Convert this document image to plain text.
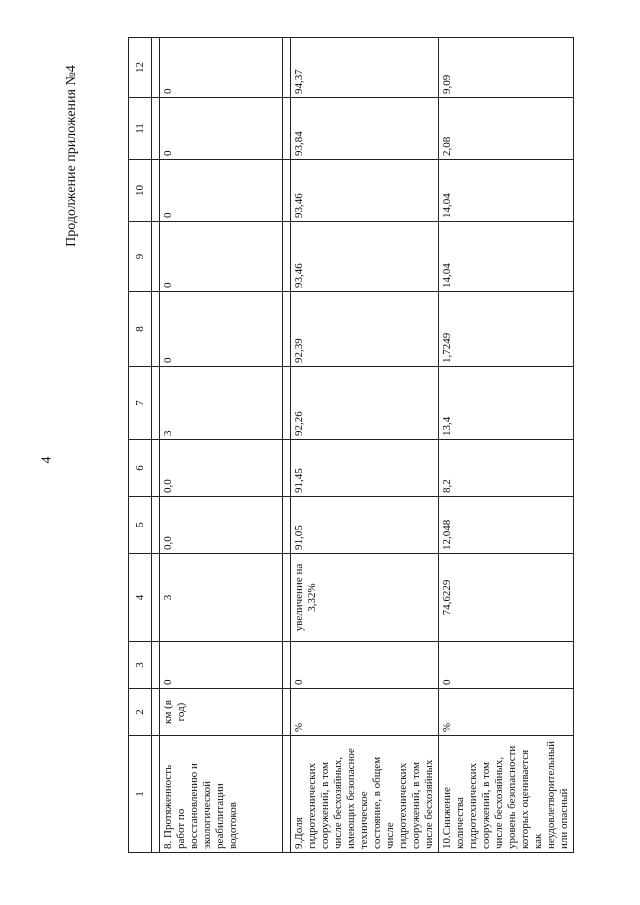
4
Продолжение приложения №4
1	2	3	4	5	6	7	8	9	10	11	12

8. Протяженность работ по восстановлению и экологической реабилитации водотоков	км (в год)	0	3	0,0	0,0	3	0	0	0	0	0

9.Доля гидротехнических сооружений, в том числе бесхозяйных, имеющих безопасное техническое состояние, в общем числе гидротехнических сооружений, в том числе бесхозяйных	%	0	увеличение на 3,32%	91,05	91,45	92,26	92,39	93,46	93,46	93,84	94,37
10.Снижение количества гидротехнических сооружений, в том числе бесхозяйных, уровень безопасности которых оценивается как неудовлетворительный или опасный	%	0	74,6229	12,048	8,2	13,4	1,7249	14,04	14,04	2,08	9,09
